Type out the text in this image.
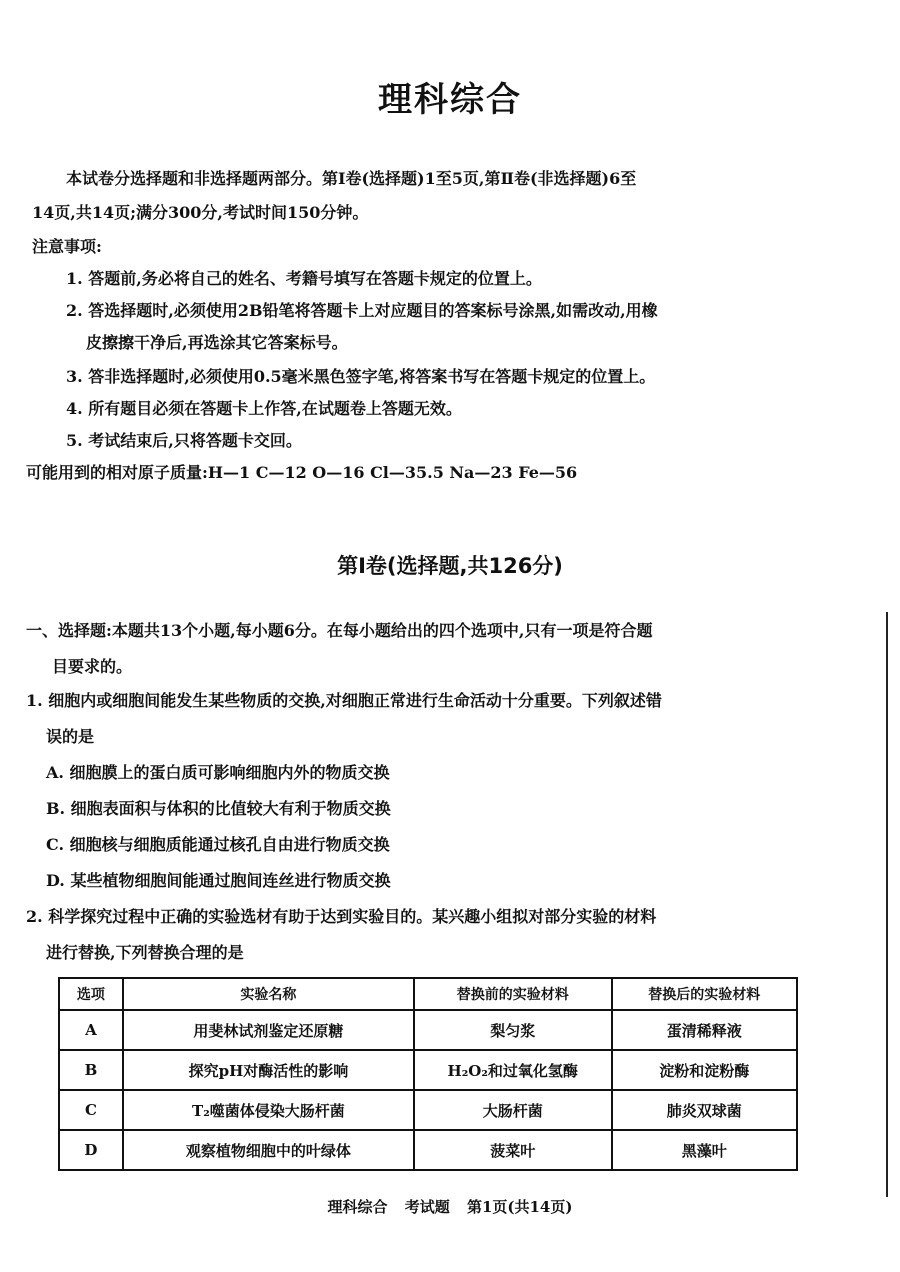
理科综合
本试卷分选择题和非选择题两部分。第Ⅰ卷(选择题)1至5页,第Ⅱ卷(非选择题)6至
14页,共14页;满分300分,考试时间150分钟。
注意事项:
1. 答题前,务必将自己的姓名、考籍号填写在答题卡规定的位置上。
2. 答选择题时,必须使用2B铅笔将答题卡上对应题目的答案标号涂黑,如需改动,用橡
皮擦擦干净后,再选涂其它答案标号。
3. 答非选择题时,必须使用0.5毫米黑色签字笔,将答案书写在答题卡规定的位置上。
4. 所有题目必须在答题卡上作答,在试题卷上答题无效。
5. 考试结束后,只将答题卡交回。
可能用到的相对原子质量:H—1 C—12 O—16 Cl—35.5 Na—23 Fe—56
第Ⅰ卷(选择题,共126分)
一、选择题:本题共13个小题,每小题6分。在每小题给出的四个选项中,只有一项是符合题
目要求的。
1. 细胞内或细胞间能发生某些物质的交换,对细胞正常进行生命活动十分重要。下列叙述错
误的是
A. 细胞膜上的蛋白质可影响细胞内外的物质交换
B. 细胞表面积与体积的比值较大有利于物质交换
C. 细胞核与细胞质能通过核孔自由进行物质交换
D. 某些植物细胞间能通过胞间连丝进行物质交换
2. 科学探究过程中正确的实验选材有助于达到实验目的。某兴趣小组拟对部分实验的材料
进行替换,下列替换合理的是
选项	实验名称	替换前的实验材料	替换后的实验材料
A	用斐林试剂鉴定还原糖	梨匀浆	蛋清稀释液
B	探究pH对酶活性的影响	H₂O₂和过氧化氢酶	淀粉和淀粉酶
C	T₂噬菌体侵染大肠杆菌	大肠杆菌	肺炎双球菌
D	观察植物细胞中的叶绿体	菠菜叶	黑藻叶
理科综合 考试题 第1页(共14页)
